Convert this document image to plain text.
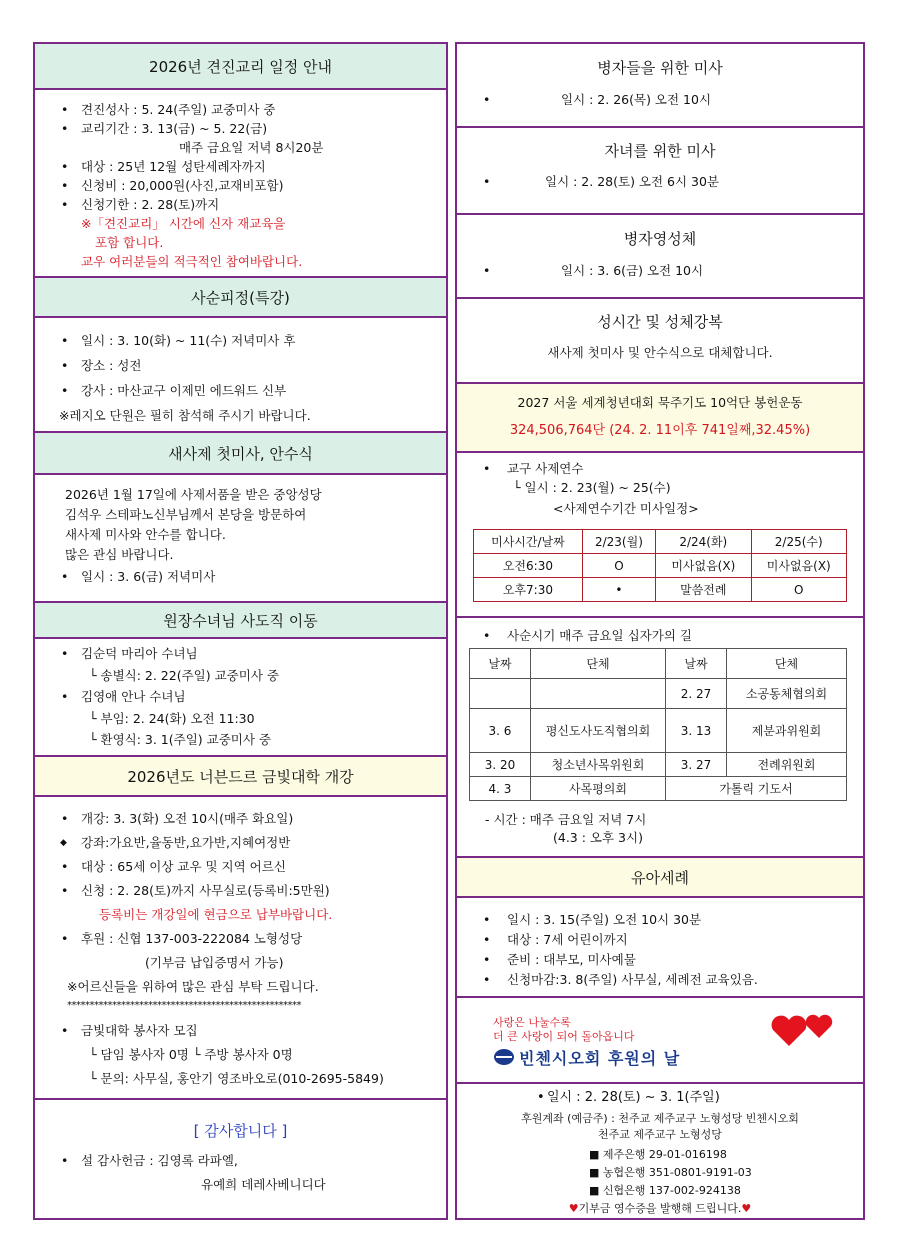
2026년 견진교리 일정 안내
• 견진성사 : 5. 24(주일) 교중미사 중
• 교리기간 : 3. 13(금) ~ 5. 22(금)
매주 금요일 저녁 8시20분
• 대상 : 25년 12월 성탄세례자까지
• 신청비 : 20,000원(사진,교재비포함)
• 신청기한 : 2. 28(토)까지
※「견진교리」 시간에 신자 재교육을
포함 합니다.
교우 여러분들의 적극적인 참여바랍니다.
사순피정(특강)
• 일시 : 3. 10(화) ~ 11(수) 저녁미사 후
• 장소 : 성전
• 강사 : 마산교구 이제민 에드워드 신부
※레지오 단원은 필히 참석해 주시기 바랍니다.
새사제 첫미사, 안수식
2026년 1월 17일에 사제서품을 받은 중앙성당
김석우 스테파노신부님께서 본당을 방문하여
새사제 미사와 안수를 합니다.
많은 관심 바랍니다.
• 일시 : 3. 6(금) 저녁미사
원장수녀님 사도직 이동
• 김순덕 마리아 수녀님
└ 송별식: 2. 22(주일) 교중미사 중
• 김영애 안나 수녀님
└ 부임: 2. 24(화) 오전 11:30
└ 환영식: 3. 1(주일) 교중미사 중
2026년도 너븐드르 금빛대학 개강
• 개강: 3. 3(화) 오전 10시(매주 화요일)
◆ 강좌:가요반,율동반,요가반,지혜여정반
• 대상 : 65세 이상 교우 및 지역 어르신
• 신청 : 2. 28(토)까지 사무실로(등록비:5만원)
등록비는 개강일에 현금으로 납부바랍니다.
• 후원 : 신협 137-003-222084 노형성당
(기부금 납입증명서 가능)
※어르신들을 위하여 많은 관심 부탁 드립니다.
****************************************************
• 금빛대학 봉사자 모집
└ 담임 봉사자 0명 └ 주방 봉사자 0명
└ 문의: 사무실, 홍안기 영조바오로(010-2695-5849)
[ 감사합니다 ]
• 설 감사헌금 : 김영록 라파엘,
유예희 데레사베니디다
병자들을 위한 미사
• 일시 : 2. 26(목) 오전 10시
자녀를 위한 미사
• 일시 : 2. 28(토) 오전 6시 30분
병자영성체
• 일시 : 3. 6(금) 오전 10시
성시간 및 성체강복
새사제 첫미사 및 안수식으로 대체합니다.
2027 서울 세계청년대회 묵주기도 10억단 봉헌운동
324,506,764단 (24. 2. 11이후 741일째,32.45%)
• 교구 사제연수
└ 일시 : 2. 23(월) ~ 25(수)
<사제연수기간 미사일정>
미사시간/날짜	2/23(월)	2/24(화)	2/25(수)
오전6:30	O	미사없음(X)	미사없음(X)
오후7:30	•	말씀전례	O
• 사순시기 매주 금요일 십자가의 길
날짜	단체	날짜	단체
		2. 27	소공동체협의회
3. 6	평신도사도직협의회	3. 13	제분과위원회
3. 20	청소년사목위원회	3. 27	전례위원회
4. 3	사목평의회	가톨릭 기도서	
- 시간 : 매주 금요일 저녁 7시
(4.3 : 오후 3시)
유아세례
• 일시 : 3. 15(주일) 오전 10시 30분
• 대상 : 7세 어린이까지
• 준비 : 대부모, 미사예물
• 신청마감:3. 8(주일) 사무실, 세례전 교육있음.
사랑은 나눌수록
더 큰 사랑이 되어 돌아옵니다
빈첸시오회 후원의 날
• 일시 : 2. 28(토) ~ 3. 1(주일)
후원계좌 (예금주) : 천주교 제주교구 노형성당 빈첸시오회
천주교 제주교구 노형성당
■ 제주은행 29-01-016198
■ 농협은행 351-0801-9191-03
■ 신협은행 137-002-924138
♥기부금 영수증을 발행해 드립니다.♥
